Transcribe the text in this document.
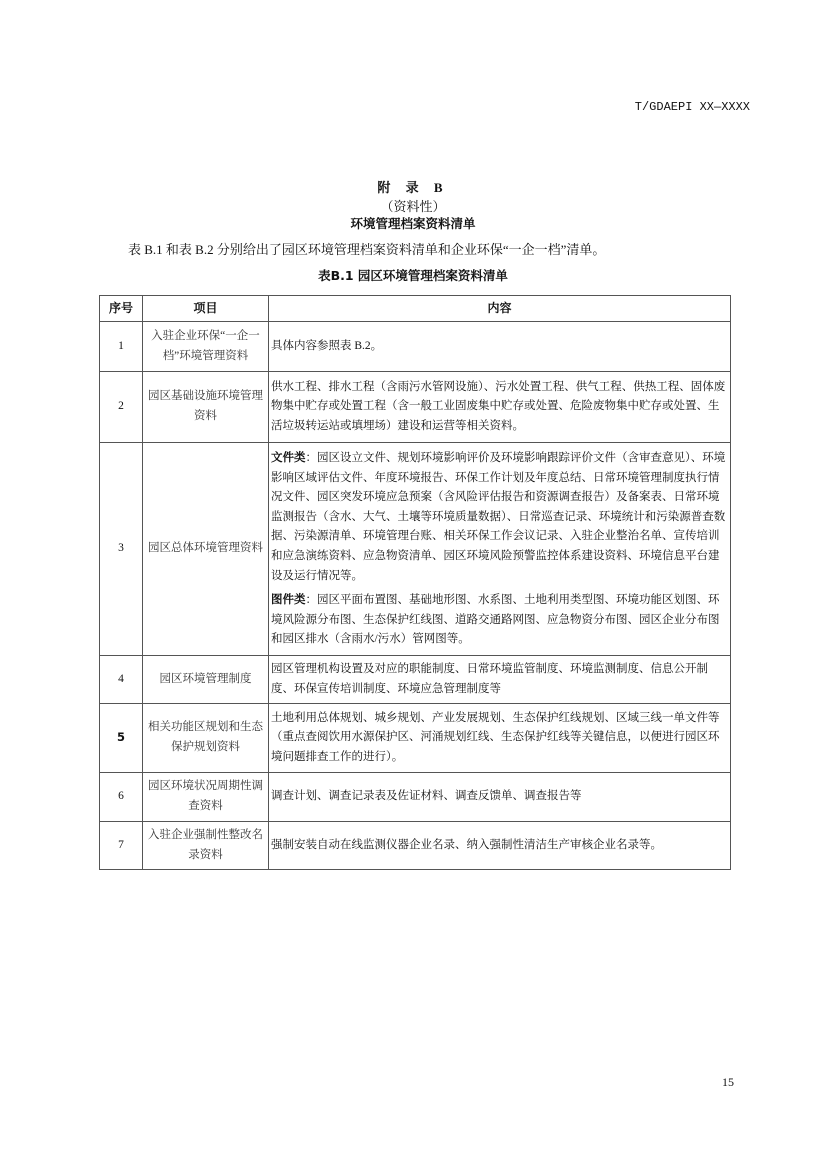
T/GDAEPI XX—XXXX
附 录 B
（资料性）
环境管理档案资料清单
表 B.1 和表 B.2 分别给出了园区环境管理档案资料清单和企业环保“一企一档”清单。
表B.1 园区环境管理档案资料清单
序号	项目	内容
1	入驻企业环保“一企一档”环境管理资料	具体内容参照表 B.2。
2	园区基础设施环境管理资料	供水工程、排水工程（含雨污水管网设施）、污水处置工程、供气工程、供热工程、固体废物集中贮存或处置工程（含一般工业固废集中贮存或处置、危险废物集中贮存或处置、生活垃圾转运站或填埋场）建设和运营等相关资料。
3	园区总体环境管理资料	文件类：园区设立文件、规划环境影响评价及环境影响跟踪评价文件（含审查意见）、环境影响区域评估文件、年度环境报告、环保工作计划及年度总结、日常环境管理制度执行情况文件、园区突发环境应急预案（含风险评估报告和资源调查报告）及备案表、日常环境监测报告（含水、大气、土壤等环境质量数据）、日常巡查记录、环境统计和污染源普查数据、污染源清单、环境管理台账、相关环保工作会议记录、入驻企业整治名单、宣传培训和应急演练资料、应急物资清单、园区环境风险预警监控体系建设资料、环境信息平台建设及运行情况等。
图件类：园区平面布置图、基础地形图、水系图、土地利用类型图、环境功能区划图、环境风险源分布图、生态保护红线图、道路交通路网图、应急物资分布图、园区企业分布图和园区排水（含雨水/污水）管网图等。

4	园区环境管理制度	园区管理机构设置及对应的职能制度、日常环境监管制度、环境监测制度、信息公开制度、环保宣传培训制度、环境应急管理制度等
5	相关功能区规划和生态保护规划资料	土地利用总体规划、城乡规划、产业发展规划、生态保护红线规划、区域三线一单文件等（重点查阅饮用水源保护区、河涌规划红线、生态保护红线等关键信息，以便进行园区环境问题排查工作的进行）。
6	园区环境状况周期性调查资料	调查计划、调查记录表及佐证材料、调查反馈单、调查报告等
7	入驻企业强制性整改名录资料	强制安装自动在线监测仪器企业名录、纳入强制性清洁生产审核企业名录等。
15
